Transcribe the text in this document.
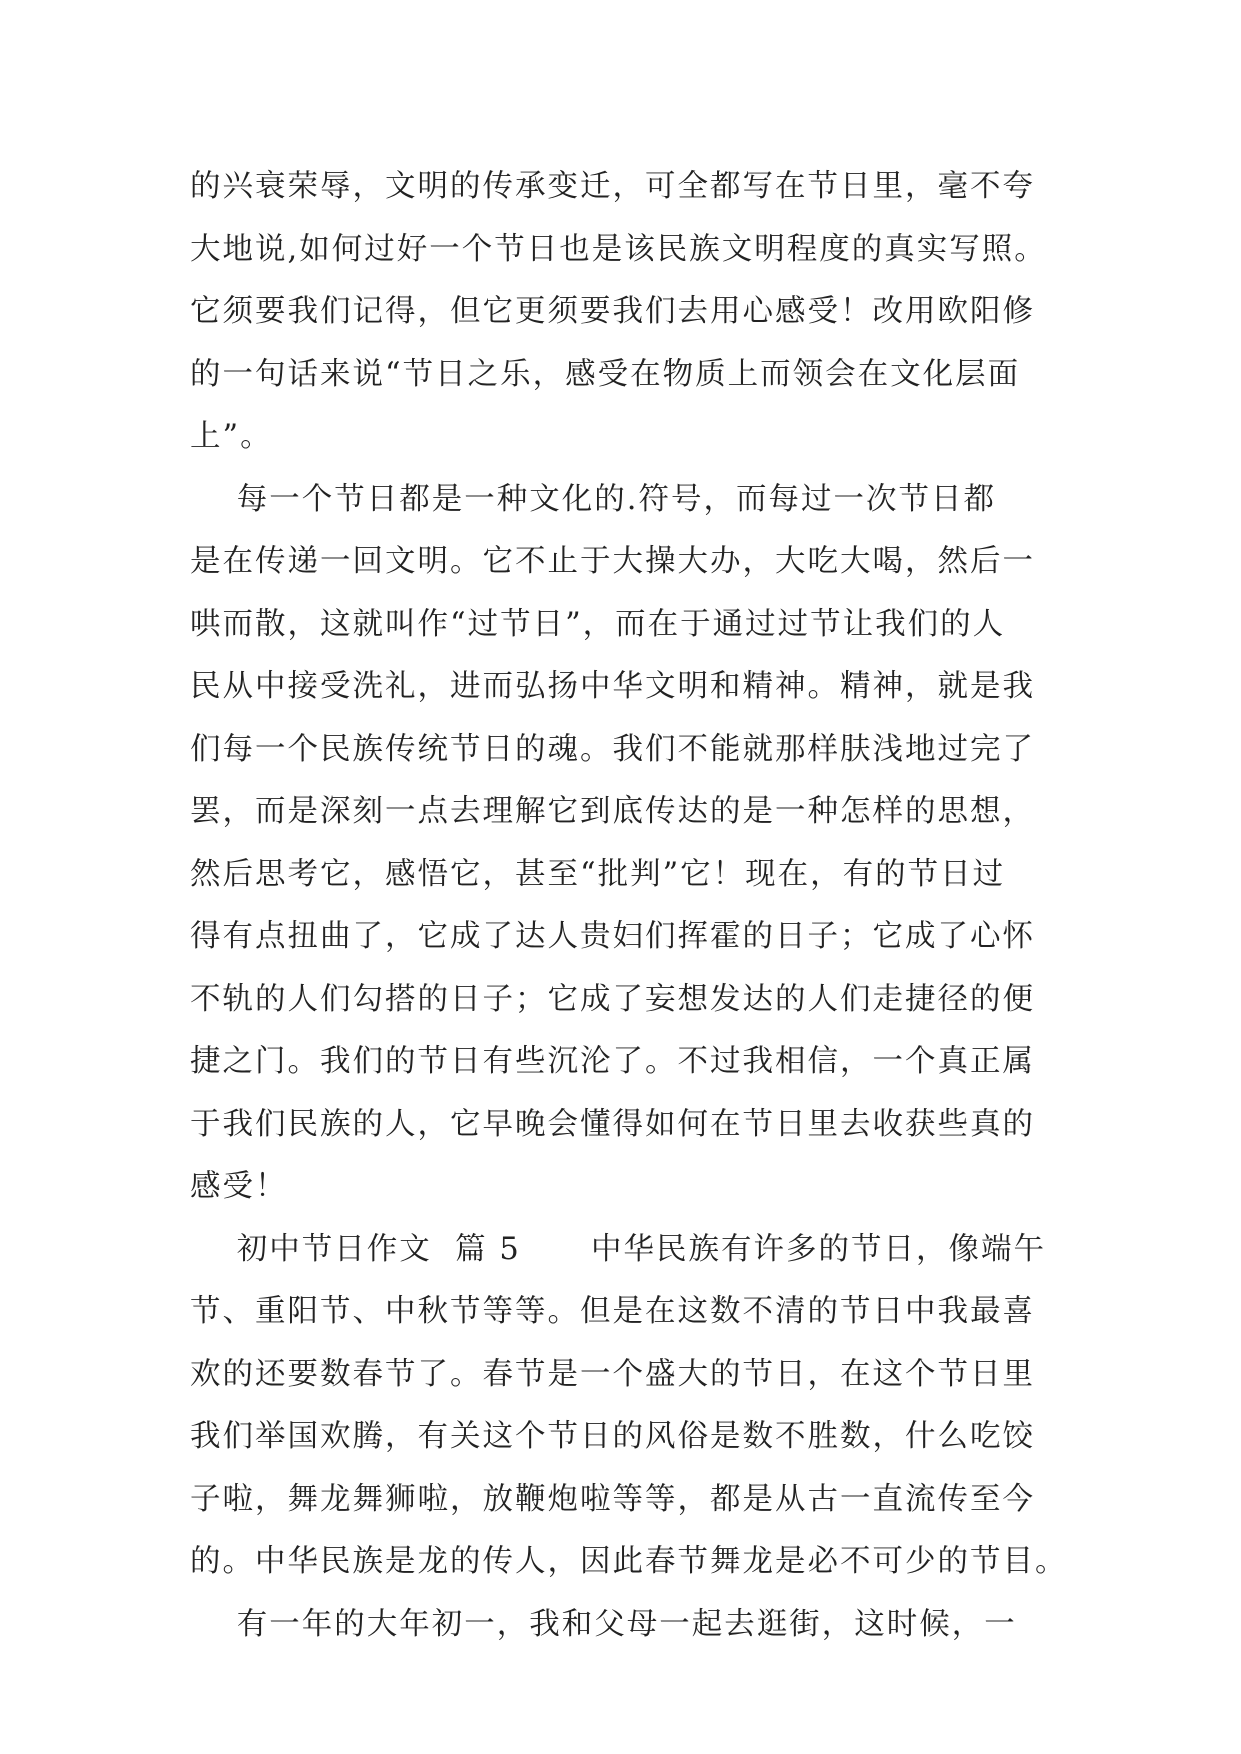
的兴衰荣辱，文明的传承变迁，可全都写在节日里，毫不夸
大地说,如何过好一个节日也是该民族文明程度的真实写照。
它须要我们记得，但它更须要我们去用心感受！改用欧阳修
的一句话来说“节日之乐，感受在物质上而领会在文化层面
上”。
每一个节日都是一种文化的.符号，而每过一次节日都
是在传递一回文明。它不止于大操大办，大吃大喝，然后一
哄而散，这就叫作“过节日”，而在于通过过节让我们的人
民从中接受洗礼，进而弘扬中华文明和精神。精神，就是我
们每一个民族传统节日的魂。我们不能就那样肤浅地过完了
罢，而是深刻一点去理解它到底传达的是一种怎样的思想，
然后思考它，感悟它，甚至“批判”它！现在，有的节日过
得有点扭曲了，它成了达人贵妇们挥霍的日子；它成了心怀
不轨的人们勾搭的日子；它成了妄想发达的人们走捷径的便
捷之门。我们的节日有些沉沦了。不过我相信，一个真正属
于我们民族的人，它早晚会懂得如何在节日里去收获些真的
感受！
初中节日作文  篇 5      中华民族有许多的节日，像端午
节、重阳节、中秋节等等。但是在这数不清的节日中我最喜
欢的还要数春节了。春节是一个盛大的节日，在这个节日里
我们举国欢腾，有关这个节日的风俗是数不胜数，什么吃饺
子啦，舞龙舞狮啦，放鞭炮啦等等，都是从古一直流传至今
的。中华民族是龙的传人，因此春节舞龙是必不可少的节目。
有一年的大年初一，我和父母一起去逛街，这时候，一
